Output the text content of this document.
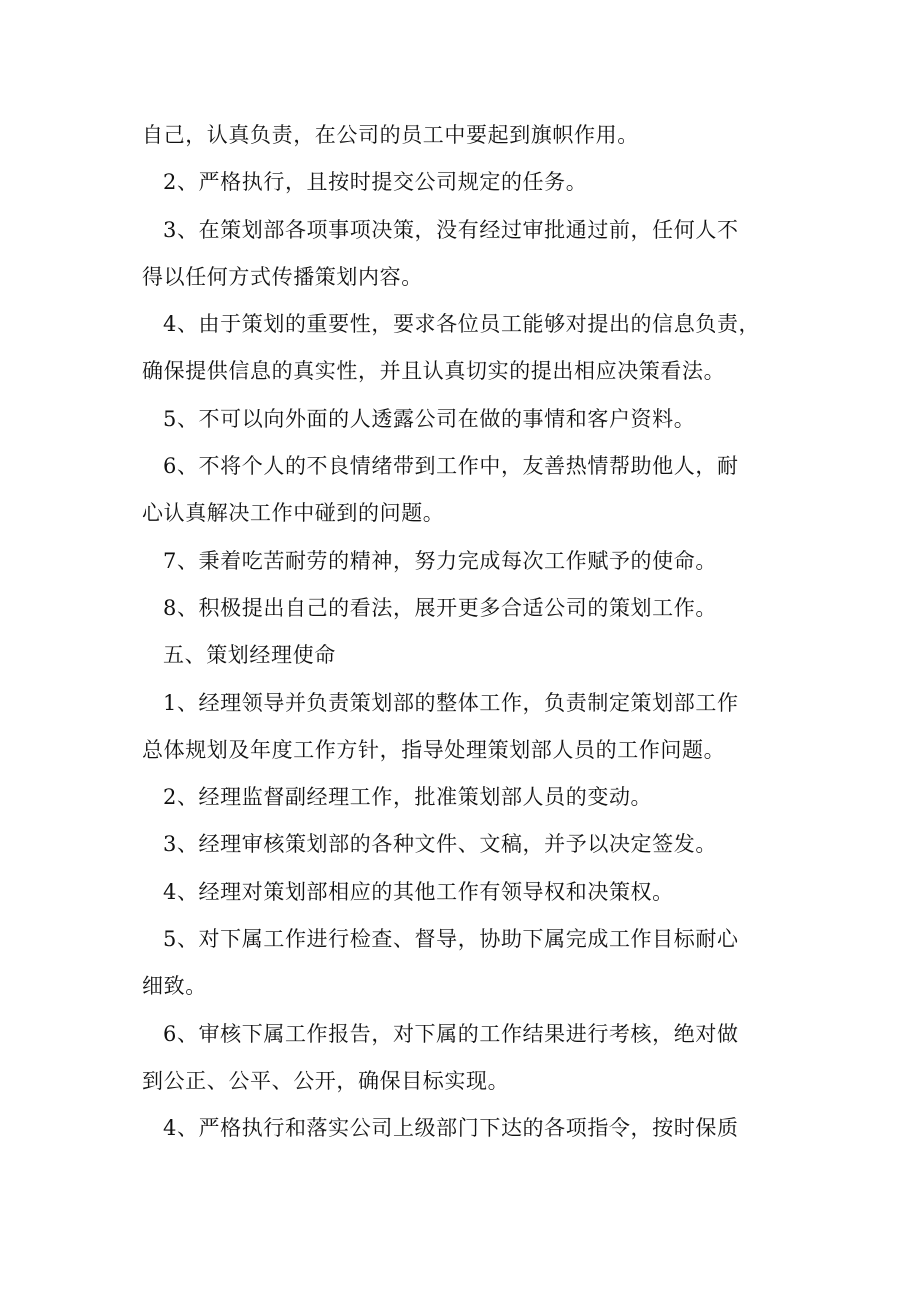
自己，认真负责，在公司的员工中要起到旗帜作用。
2、严格执行，且按时提交公司规定的任务。
3、在策划部各项事项决策，没有经过审批通过前，任何人不
得以任何方式传播策划内容。
4、由于策划的重要性，要求各位员工能够对提出的信息负责，
确保提供信息的真实性，并且认真切实的提出相应决策看法。
5、不可以向外面的人透露公司在做的事情和客户资料。
6、不将个人的不良情绪带到工作中，友善热情帮助他人，耐
心认真解决工作中碰到的问题。
7、秉着吃苦耐劳的精神，努力完成每次工作赋予的使命。
8、积极提出自己的看法，展开更多合适公司的策划工作。
五、策划经理使命
1、经理领导并负责策划部的整体工作，负责制定策划部工作
总体规划及年度工作方针，指导处理策划部人员的工作问题。
2、经理监督副经理工作，批准策划部人员的变动。
3、经理审核策划部的各种文件、文稿，并予以决定签发。
4、经理对策划部相应的其他工作有领导权和决策权。
5、对下属工作进行检查、督导，协助下属完成工作目标耐心
细致。
6、审核下属工作报告，对下属的工作结果进行考核，绝对做
到公正、公平、公开，确保目标实现。
4、严格执行和落实公司上级部门下达的各项指令，按时保质
